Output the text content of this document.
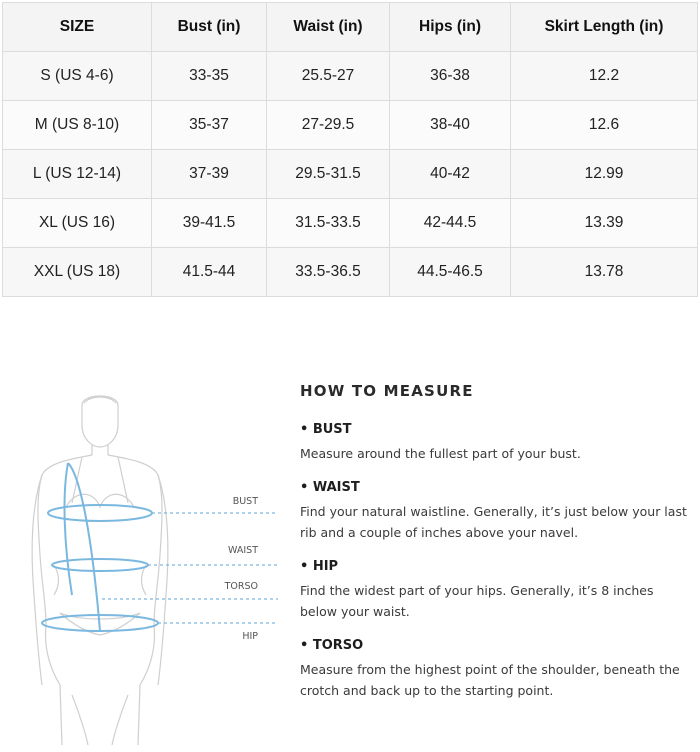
SIZE	Bust (in)	Waist (in)	Hips (in)	Skirt Length (in)
S (US 4-6)	33-35	25.5-27	36-38	12.2
M (US 8-10)	35-37	27-29.5	38-40	12.6
L (US 12-14)	37-39	29.5-31.5	40-42	12.99
XL (US 16)	39-41.5	31.5-33.5	42-44.5	13.39
XXL (US 18)	41.5-44	33.5-36.5	44.5-46.5	13.78
BUST
WAIST
TORSO
HIP
HOW TO MEASURE
• BUST
Measure around the fullest part of your bust.
• WAIST
Find your natural waistline. Generally, it’s just below your last rib and a couple of inches above your navel.
• HIP
Find the widest part of your hips. Generally, it’s 8 inches below your waist.
• TORSO
Measure from the highest point of the shoulder, beneath the crotch and back up to the starting point.
